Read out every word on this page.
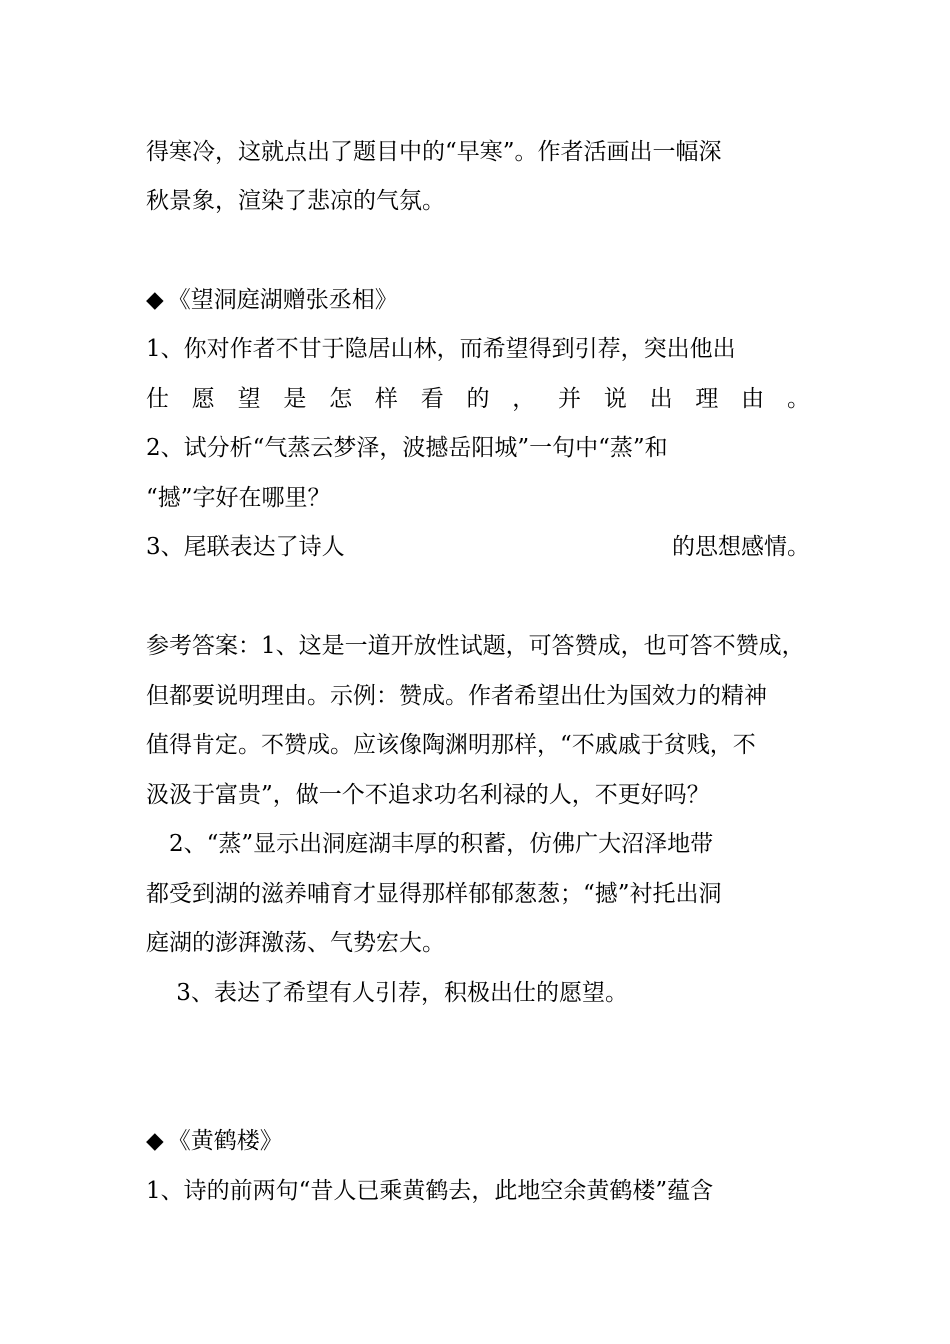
得寒冷，这就点出了题目中的“早寒”。作者活画出一幅深
秋景象，渲染了悲凉的气氛。
◆ 《望洞庭湖赠张丞相》
1、你对作者不甘于隐居山林，而希望得到引荐，突出他出
仕 愿 望 是 怎 样 看 的 ， 并 说 出 理 由 。
2、试分析“气蒸云梦泽，波撼岳阳城”一句中“蒸”和
“撼”字好在哪里？
3、尾联表达了诗人	的思想感情。
参考答案：1、这是一道开放性试题，可答赞成，也可答不赞成，
但都要说明理由。示例：赞成。作者希望出仕为国效力的精神
值得肯定。不赞成。应该像陶渊明那样，“不戚戚于贫贱，不
汲汲于富贵”，做一个不追求功名利禄的人，不更好吗？
　2、“蒸”显示出洞庭湖丰厚的积蓄，仿佛广大沼泽地带
都受到湖的滋养哺育才显得那样郁郁葱葱；“撼”衬托出洞
庭湖的澎湃激荡、气势宏大。
　 3、表达了希望有人引荐，积极出仕的愿望。
◆ 《黄鹤楼》
1、诗的前两句“昔人已乘黄鹤去，此地空余黄鹤楼”蕴含
